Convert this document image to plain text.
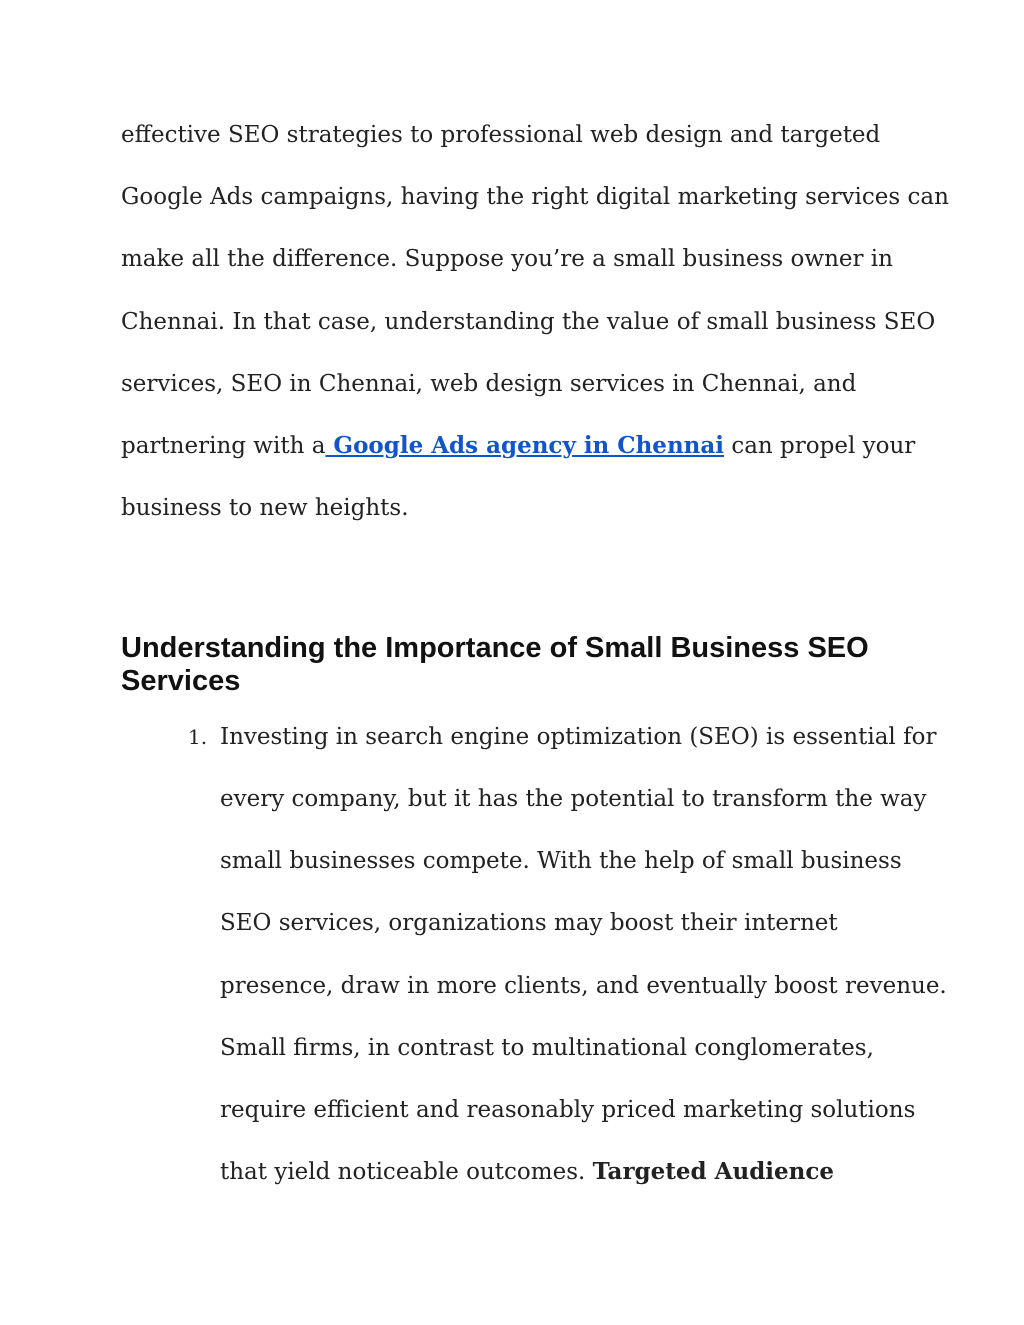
effective SEO strategies to professional web design and targeted
Google Ads campaigns, having the right digital marketing services can
make all the difference. Suppose you’re a small business owner in
Chennai. In that case, understanding the value of small business SEO
services, SEO in Chennai, web design services in Chennai, and
partnering with a Google Ads agency in Chennai can propel your
business to new heights.
Understanding the Importance of Small Business SEO Services
1. Investing in search engine optimization (SEO) is essential for
every company, but it has the potential to transform the way
small businesses compete. With the help of small business
SEO services, organizations may boost their internet
presence, draw in more clients, and eventually boost revenue.
Small firms, in contrast to multinational conglomerates,
require efficient and reasonably priced marketing solutions
that yield noticeable outcomes. Targeted Audience
